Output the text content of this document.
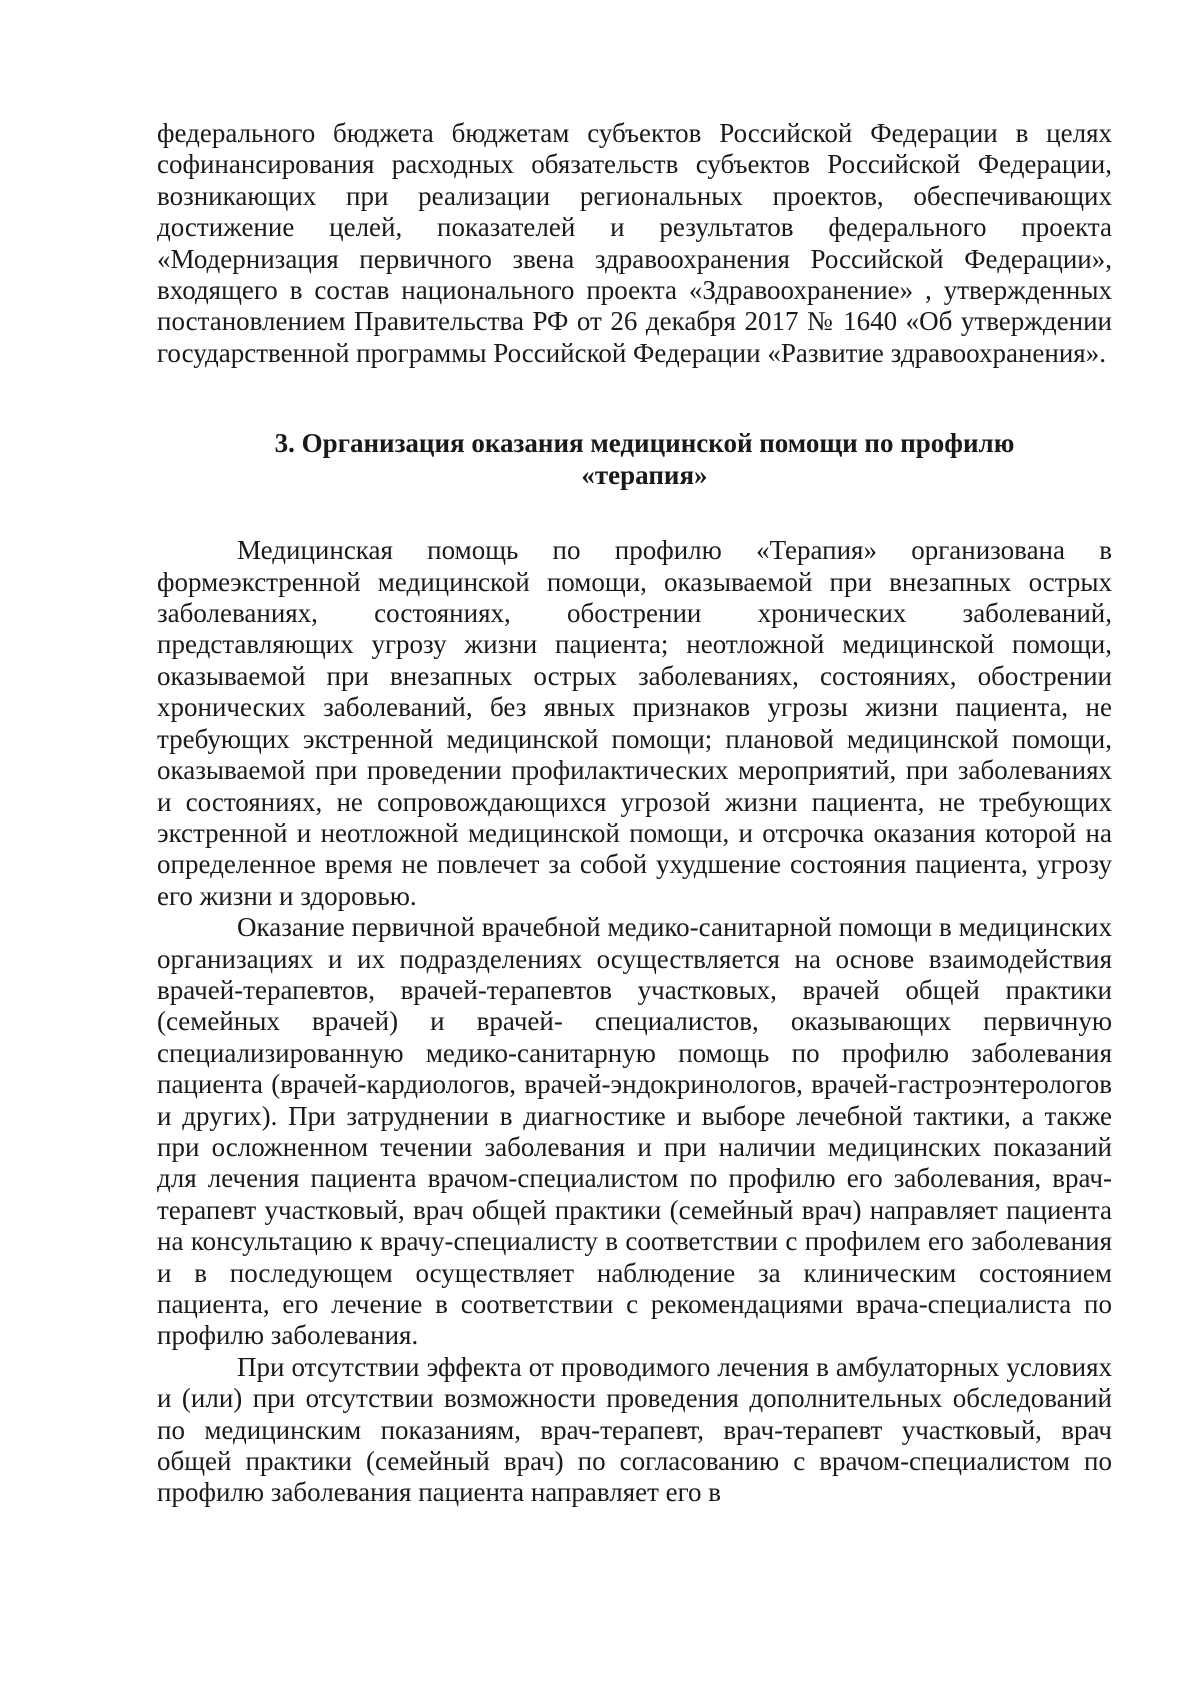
федерального бюджета бюджетам субъектов Российской Федерации в целях софинансирования расходных обязательств субъектов Российской Федерации, возникающих при реализации региональных проектов, обеспечивающих достижение целей, показателей и результатов федерального проекта «Модернизация первичного звена здравоохранения Российской Федерации», входящего в состав национального проекта «Здравоохранение» , утвержденных постановлением Правительства РФ от 26 декабря 2017 № 1640 «Об утверждении государственной программы Российской Федерации «Развитие здравоохранения».

3. Организация оказания медицинской помощи по профилю
«терапия»

Медицинская помощь по профилю «Терапия» организована в формеэкстренной медицинской помощи, оказываемой при внезапных острых заболеваниях, состояниях, обострении хронических заболеваний, представляющих угрозу жизни пациента; неотложной медицинской помощи, оказываемой при внезапных острых заболеваниях, состояниях, обострении хронических заболеваний, без явных признаков угрозы жизни пациента, не требующих экстренной медицинской помощи; плановой медицинской помощи, оказываемой при проведении профилактических мероприятий, при заболеваниях и состояниях, не сопровождающихся угрозой жизни пациента, не требующих экстренной и неотложной медицинской помощи, и отсрочка оказания которой на определенное время не повлечет за собой ухудшение состояния пациента, угрозу его жизни и здоровью.

Оказание первичной врачебной медико-санитарной помощи в медицинских организациях и их подразделениях осуществляется на основе взаимодействия врачей-терапевтов, врачей-терапевтов участковых, врачей общей практики (семейных врачей) и врачей- специалистов, оказывающих первичную специализированную медико-санитарную помощь по профилю заболевания пациента (врачей-кардиологов, врачей-эндокринологов, врачей-гастроэнтерологов и других). При затруднении в диагностике и выборе лечебной тактики, а также при осложненном течении заболевания и при наличии медицинских показаний для лечения пациента врачом-специалистом по профилю его заболевания, врач-терапевт участковый, врач общей практики (семейный врач) направляет пациента на консультацию к врачу-специалисту в соответствии с профилем его заболевания и в последующем осуществляет наблюдение за клиническим состоянием пациента, его лечение в соответствии с рекомендациями врача-специалиста по профилю заболевания.

При отсутствии эффекта от проводимого лечения в амбулаторных условиях и (или) при отсутствии возможности проведения дополнительных обследований по медицинским показаниям, врач-терапевт, врач-терапевт участковый, врач общей практики (семейный врач) по согласованию с врачом-специалистом по профилю заболевания пациента направляет его в
